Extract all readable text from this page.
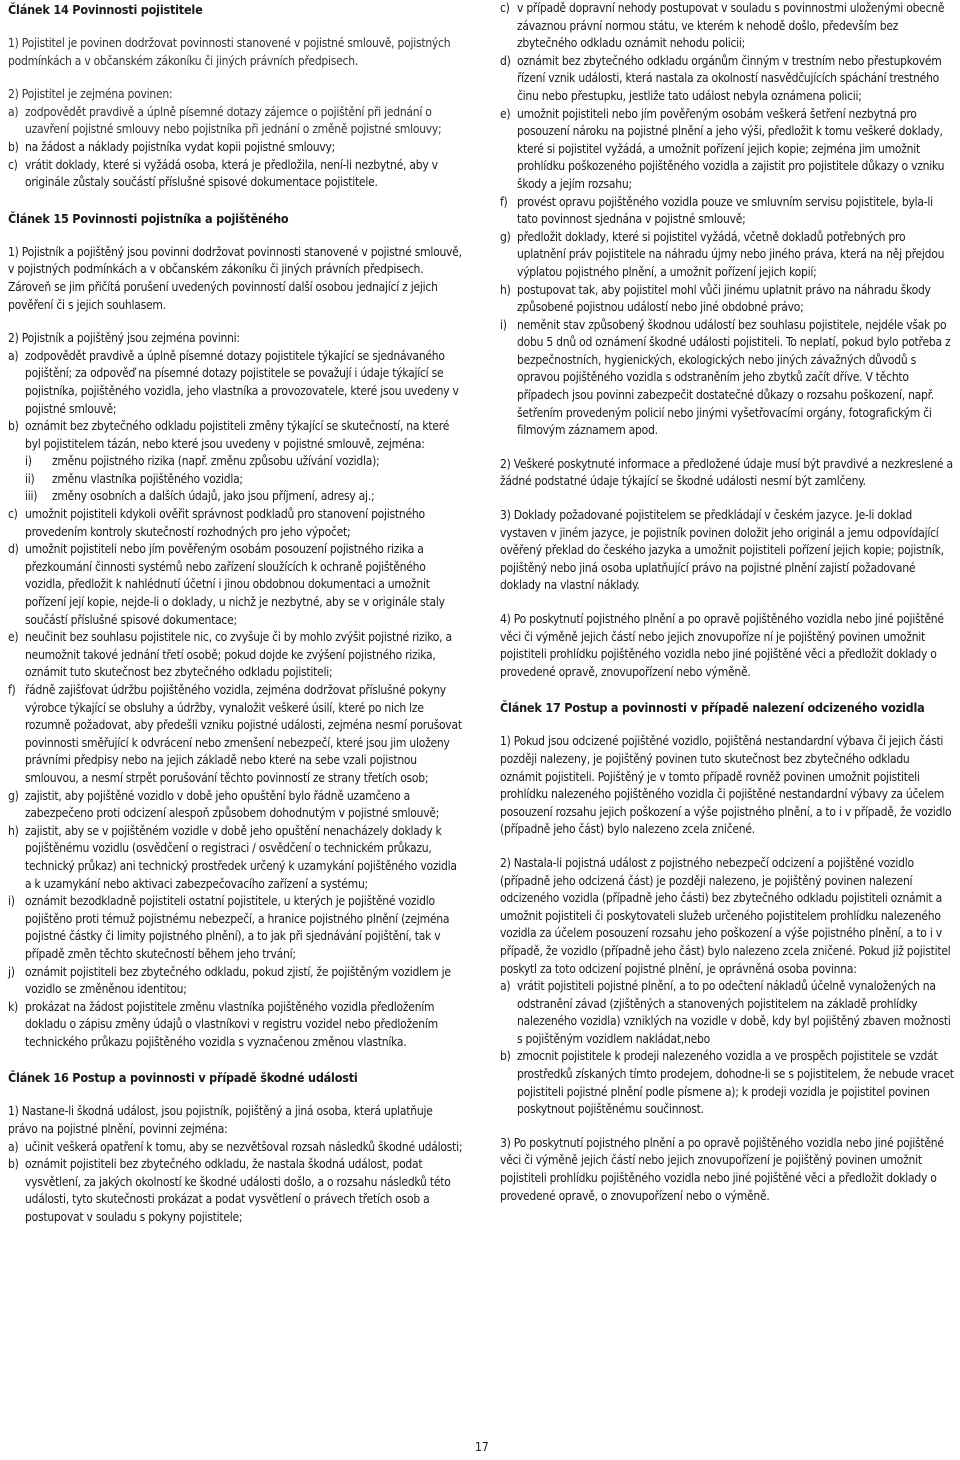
Článek 14 Povinnosti pojistitele

1) Pojistitel je povinen dodržovat povinnosti stanovené v pojistné smlouvě, pojistných podmínkách a v občanském zákoníku či jiných právních předpisech.

2) Pojistitel je zejména povinen:

a) zodpovědět pravdivě a úplně písemné dotazy zájemce o pojištění při jednání o uzavření pojistné smlouvy nebo pojistníka při jednání o změně pojistné smlouvy;
b) na žádost a náklady pojistníka vydat kopii pojistné smlouvy;
c) vrátit doklady, které si vyžádá osoba, která je předložila, není-li nezbytné, aby v originále zůstaly součástí příslušné spisové dokumentace pojistitele.

Článek 15 Povinnosti pojistníka a pojištěného

1) Pojistník a pojištěný jsou povinni dodržovat povinnosti stanovené v pojistné smlouvě, v pojistných podmínkách a v občanském zákoníku či jiných právních předpisech. Zároveň se jim přičítá porušení uvedených povinností další osobou jednající z jejich pověření či s jejich souhlasem.

2) Pojistník a pojištěný jsou zejména povinni:

a) zodpovědět pravdivě a úplně písemné dotazy pojistitele týkající se sjednávaného pojištění; za odpověď na písemné dotazy pojistitele se považují i údaje týkající se pojistníka, pojištěného vozidla, jeho vlastníka a provozovatele, které jsou uvedeny v pojistné smlouvě;
b) oznámit bez zbytečného odkladu pojistiteli změny týkající se skutečností, na které byl pojistitelem tázán, nebo které jsou uvedeny v pojistné smlouvě, zejména:
i) změnu pojistného rizika (např. změnu způsobu užívání vozidla);
ii) změnu vlastníka pojištěného vozidla;
iii) změny osobních a dalších údajů, jako jsou příjmení, adresy aj.;
c) umožnit pojistiteli kdykoli ověřit správnost podkladů pro stanovení pojistného provedením kontroly skutečností rozhodných pro jeho výpočet;
d) umožnit pojistiteli nebo jím pověřeným osobám posouzení pojistného rizika a přezkoumání činnosti systémů nebo zařízení sloužících k ochraně pojištěného vozidla, předložit k nahlédnutí účetní i jinou obdobnou dokumentaci a umožnit pořízení její kopie, nejde-li o doklady, u nichž je nezbytné, aby se v originále staly součástí příslušné spisové dokumentace;
e) neučinit bez souhlasu pojistitele nic, co zvyšuje či by mohlo zvýšit pojistné riziko, a neumožnit takové jednání třetí osobě; pokud dojde ke zvýšení pojistného rizika, oznámit tuto skutečnost bez zbytečného odkladu pojistiteli;
f) řádně zajišťovat údržbu pojištěného vozidla, zejména dodržovat příslušné pokyny výrobce týkající se obsluhy a údržby, vynaložit veškeré úsilí, které po nich lze rozumně požadovat, aby předešli vzniku pojistné události, zejména nesmí porušovat povinnosti směřující k odvrácení nebo zmenšení nebezpečí, které jsou jim uloženy právními předpisy nebo na jejich základě nebo které na sebe vzali pojistnou smlouvou, a nesmí strpět porušování těchto povinností ze strany třetích osob;
g) zajistit, aby pojištěné vozidlo v době jeho opuštění bylo řádně uzamčeno a zabezpečeno proti odcizení alespoň způsobem dohodnutým v pojistné smlouvě;
h) zajistit, aby se v pojištěném vozidle v době jeho opuštění nenacházely doklady k pojištěnému vozidlu (osvědčení o registraci / osvědčení o technickém průkazu, technický průkaz) ani technický prostředek určený k uzamykání pojištěného vozidla a k uzamykání nebo aktivaci zabezpečovacího zařízení a systému;
i) oznámit bezodkladně pojistiteli ostatní pojistitele, u kterých je pojištěné vozidlo pojištěno proti témuž pojistnému nebezpečí, a hranice pojistného plnění (zejména pojistné částky či limity pojistného plnění), a to jak při sjednávání pojištění, tak v případě změn těchto skutečností během jeho trvání;
j) oznámit pojistiteli bez zbytečného odkladu, pokud zjistí, že pojištěným vozidlem je vozidlo se změněnou identitou;
k) prokázat na žádost pojistitele změnu vlastníka pojištěného vozidla předložením dokladu o zápisu změny údajů o vlastníkovi v registru vozidel nebo předložením technického průkazu pojištěného vozidla s vyznačenou změnou vlastníka.

Článek 16 Postup a povinnosti v případě škodné události

1) Nastane-li škodná událost, jsou pojistník, pojištěný a jiná osoba, která uplatňuje právo na pojistné plnění, povinni zejména:

a) učinit veškerá opatření k tomu, aby se nezvětšoval rozsah následků škodné události;
b) oznámit pojistiteli bez zbytečného odkladu, že nastala škodná událost, podat vysvětlení, za jakých okolností ke škodné události došlo, a o rozsahu následků této události, tyto skutečnosti prokázat a podat vysvětlení o právech třetích osob a postupovat v souladu s pokyny pojistitele;
c) v případě dopravní nehody postupovat v souladu s povinnostmi uloženými obecně závaznou právní normou státu, ve kterém k nehodě došlo, především bez zbytečného odkladu oznámit nehodu policii;
d) oznámit bez zbytečného odkladu orgánům činným v trestním nebo přestupkovém řízení vznik události, která nastala za okolností nasvědčujících spáchání trestného činu nebo přestupku, jestliže tato událost nebyla oznámena policii;
e) umožnit pojistiteli nebo jím pověřeným osobám veškerá šetření nezbytná pro posouzení nároku na pojistné plnění a jeho výši, předložit k tomu veškeré doklady, které si pojistitel vyžádá, a umožnit pořízení jejich kopie; zejména jim umožnit prohlídku poškozeného pojištěného vozidla a zajistit pro pojistitele důkazy o vzniku škody a jejím rozsahu;
f) provést opravu pojištěného vozidla pouze ve smluvním servisu pojistitele, byla-li tato povinnost sjednána v pojistné smlouvě;
g) předložit doklady, které si pojistitel vyžádá, včetně dokladů potřebných pro uplatnění práv pojistitele na náhradu újmy nebo jiného práva, která na něj přejdou výplatou pojistného plnění, a umožnit pořízení jejich kopií;
h) postupovat tak, aby pojistitel mohl vůči jinému uplatnit právo na náhradu škody způsobené pojistnou událostí nebo jiné obdobné právo;
i) neměnit stav způsobený škodnou událostí bez souhlasu pojistitele, nejdéle však po dobu 5 dnů od oznámení škodné události pojistiteli. To neplatí, pokud bylo potřeba z bezpečnostních, hygienických, ekologických nebo jiných závažných důvodů s opravou pojištěného vozidla s odstraněním jeho zbytků začít dříve. V těchto případech jsou povinni zabezpečit dostatečné důkazy o rozsahu poškození, např. šetřením provedeným policií nebo jinými vyšetřovacími orgány, fotografickým či filmovým záznamem apod.

2) Veškeré poskytnuté informace a předložené údaje musí být pravdivé a nezkreslené a žádné podstatné údaje týkající se škodné události nesmí být zamlčeny.

3) Doklady požadované pojistitelem se předkládají v českém jazyce. Je-li doklad vystaven v jiném jazyce, je pojistník povinen doložit jeho originál a jemu odpovídající ověřený překlad do českého jazyka a umožnit pojistiteli pořízení jejich kopie; pojistník, pojištěný nebo jiná osoba uplatňující právo na pojistné plnění zajistí požadované doklady na vlastní náklady.

4) Po poskytnutí pojistného plnění a po opravě pojištěného vozidla nebo jiné pojištěné věci či výměně jejich částí nebo jejich znovupoříze ní je pojištěný povinen umožnit pojistiteli prohlídku pojištěného vozidla nebo jiné pojištěné věci a předložit doklady o provedené opravě, znovupořízení nebo výměně.

Článek 17 Postup a povinnosti v případě nalezení odcizeného vozidla

1) Pokud jsou odcizené pojištěné vozidlo, pojištěná nestandardní výbava či jejich části později nalezeny, je pojištěný povinen tuto skutečnost bez zbytečného odkladu oznámit pojistiteli. Pojištěný je v tomto případě rovněž povinen umožnit pojistiteli prohlídku nalezeného pojištěného vozidla či pojištěné nestandardní výbavy za účelem posouzení rozsahu jejich poškození a výše pojistného plnění, a to i v případě, že vozidlo (případně jeho část) bylo nalezeno zcela zničené.

2) Nastala-li pojistná událost z pojistného nebezpečí odcizení a pojištěné vozidlo (případně jeho odcizená část) je později nalezeno, je pojištěný povinen nalezení odcizeného vozidla (případně jeho části) bez zbytečného odkladu pojistiteli oznámit a umožnit pojistiteli či poskytovateli služeb určeného pojistitelem prohlídku nalezeného vozidla za účelem posouzení rozsahu jeho poškození a výše pojistného plnění, a to i v případě, že vozidlo (případně jeho část) bylo nalezeno zcela zničené. Pokud již pojistitel poskytl za toto odcizení pojistné plnění, je oprávněná osoba povinna:

a) vrátit pojistiteli pojistné plnění, a to po odečtení nákladů účelně vynaložených na odstranění závad (zjištěných a stanovených pojistitelem na základě prohlídky nalezeného vozidla) vzniklých na vozidle v době, kdy byl pojištěný zbaven možnosti s pojištěným vozidlem nakládat,nebo
b) zmocnit pojistitele k prodeji nalezeného vozidla a ve prospěch pojistitele se vzdát prostředků získaných tímto prodejem, dohodne-li se s pojistitelem, že nebude vracet pojistiteli pojistné plnění podle písmene a); k prodeji vozidla je pojistitel povinen poskytnout pojištěnému součinnost.

3) Po poskytnutí pojistného plnění a po opravě pojištěného vozidla nebo jiné pojištěné věci či výměně jejich částí nebo jejich znovupořízení je pojištěný povinen umožnit pojistiteli prohlídku pojištěného vozidla nebo jiné pojištěné věci a předložit doklady o provedené opravě, o znovupořízení nebo o výměně.

17
